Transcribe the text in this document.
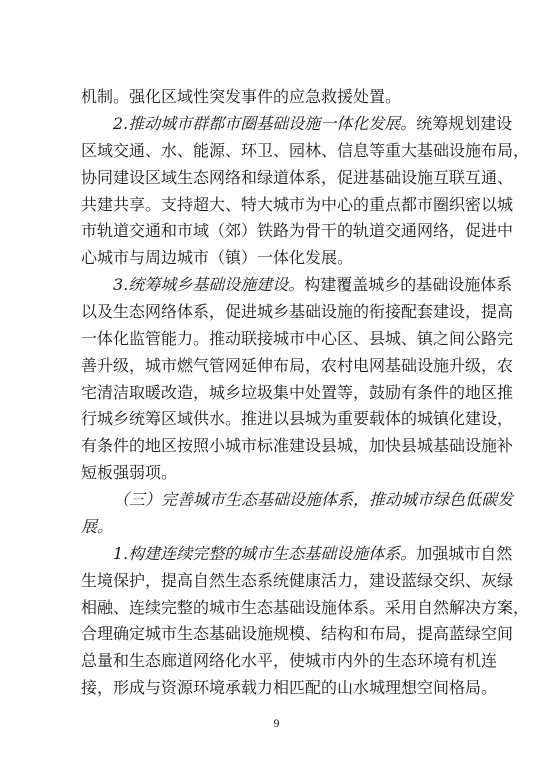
9
机制。强化区域性突发事件的应急救援处置。
2.推动城市群都市圈基础设施一体化发展。统筹规划建设
区域交通、水、能源、环卫、园林、信息等重大基础设施布局，
协同建设区域生态网络和绿道体系，促进基础设施互联互通、
共建共享。支持超大、特大城市为中心的重点都市圈织密以城
市轨道交通和市域（郊）铁路为骨干的轨道交通网络，促进中
心城市与周边城市（镇）一体化发展。
3.统筹城乡基础设施建设。构建覆盖城乡的基础设施体系
以及生态网络体系，促进城乡基础设施的衔接配套建设，提高
一体化监管能力。推动联接城市中心区、县城、镇之间公路完
善升级，城市燃气管网延伸布局，农村电网基础设施升级，农
宅清洁取暖改造，城乡垃圾集中处置等，鼓励有条件的地区推
行城乡统筹区域供水。推进以县城为重要载体的城镇化建设，
有条件的地区按照小城市标准建设县城，加快县城基础设施补
短板强弱项。
（三）完善城市生态基础设施体系，推动城市绿色低碳发
展。
1.构建连续完整的城市生态基础设施体系。加强城市自然
生境保护，提高自然生态系统健康活力，建设蓝绿交织、灰绿
相融、连续完整的城市生态基础设施体系。采用自然解决方案，
合理确定城市生态基础设施规模、结构和布局，提高蓝绿空间
总量和生态廊道网络化水平，使城市内外的生态环境有机连
接，形成与资源环境承载力相匹配的山水城理想空间格局。
